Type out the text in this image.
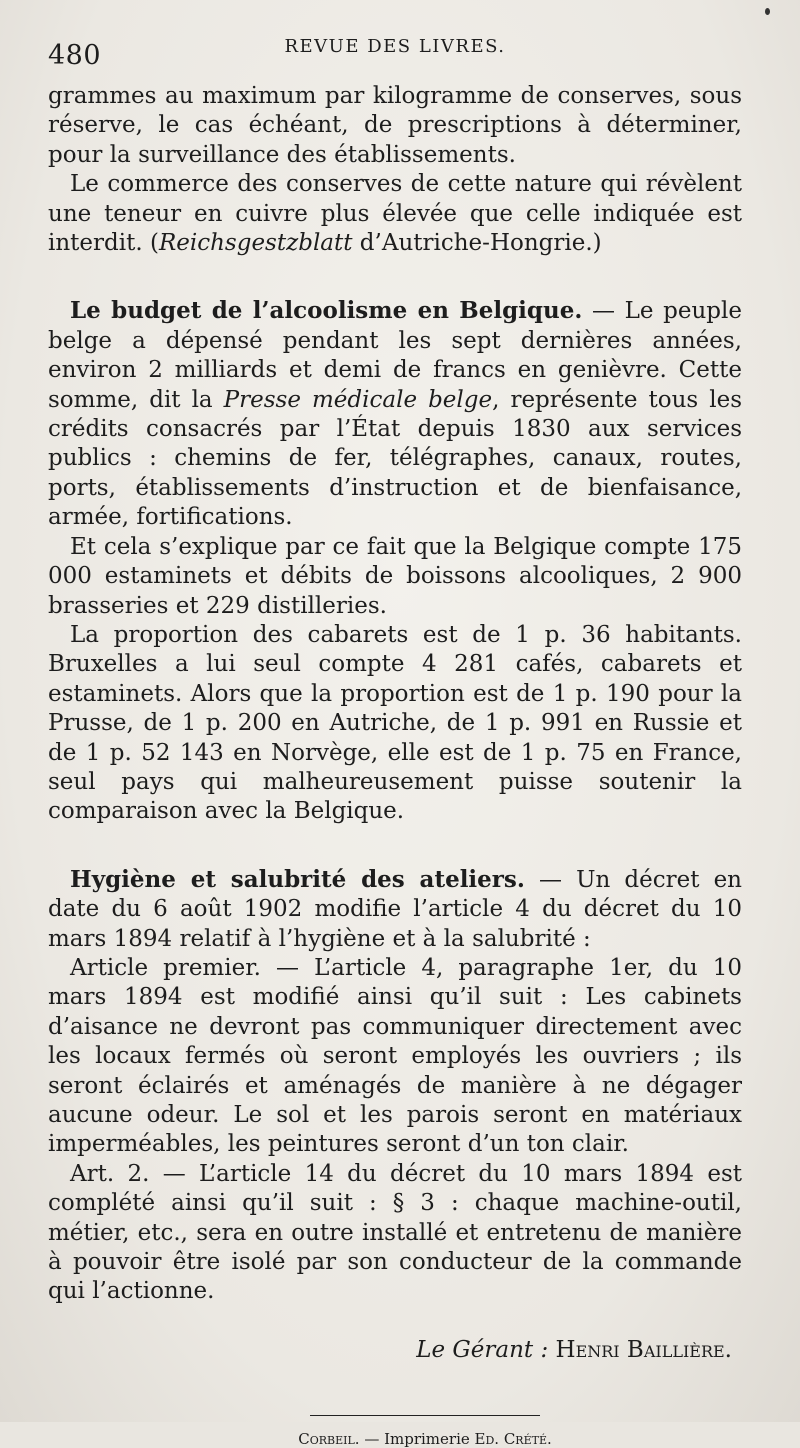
480	REVUE DES LIVRES.

grammes au maximum par kilogramme de conserves, sous réserve, le cas échéant, de prescriptions à déterminer, pour la surveillance des établissements.

Le commerce des conserves de cette nature qui révèlent une teneur en cuivre plus élevée que celle indiquée est interdit. (Reichsgestzblatt d’Autriche-Hongrie.)

Le budget de l’alcoolisme en Belgique. — Le peuple belge a dépensé pendant les sept dernières années, environ 2 milliards et demi de francs en genièvre. Cette somme, dit la Presse médicale belge, représente tous les crédits consacrés par l’État depuis 1830 aux services publics : chemins de fer, télégraphes, canaux, routes, ports, établissements d’instruction et de bienfaisance, armée, fortifications.

Et cela s’explique par ce fait que la Belgique compte 175 000 estaminets et débits de boissons alcooliques, 2 900 brasseries et 229 distilleries.

La proportion des cabarets est de 1 p. 36 habitants. Bruxelles a lui seul compte 4 281 cafés, cabarets et estaminets. Alors que la proportion est de 1 p. 190 pour la Prusse, de 1 p. 200 en Autriche, de 1 p. 991 en Russie et de 1 p. 52 143 en Norvège, elle est de 1 p. 75 en France, seul pays qui malheureusement puisse soutenir la comparaison avec la Belgique.

Hygiène et salubrité des ateliers. — Un décret en date du 6 août 1902 modifie l’article 4 du décret du 10 mars 1894 relatif à l’hygiène et à la salubrité :

Article premier. — L’article 4, paragraphe 1er, du 10 mars 1894 est modifié ainsi qu’il suit : Les cabinets d’aisance ne devront pas communiquer directement avec les locaux fermés où seront employés les ouvriers ; ils seront éclairés et aménagés de manière à ne dégager aucune odeur. Le sol et les parois seront en matériaux imperméables, les peintures seront d’un ton clair.

Art. 2. — L’article 14 du décret du 10 mars 1894 est complété ainsi qu’il suit : § 3 : chaque machine-outil, métier, etc., sera en outre installé et entretenu de manière à pouvoir être isolé par son conducteur de la commande qui l’actionne.

Le Gérant : Henri Baillière.
Corbeil. — Imprimerie Ed. Crété.
